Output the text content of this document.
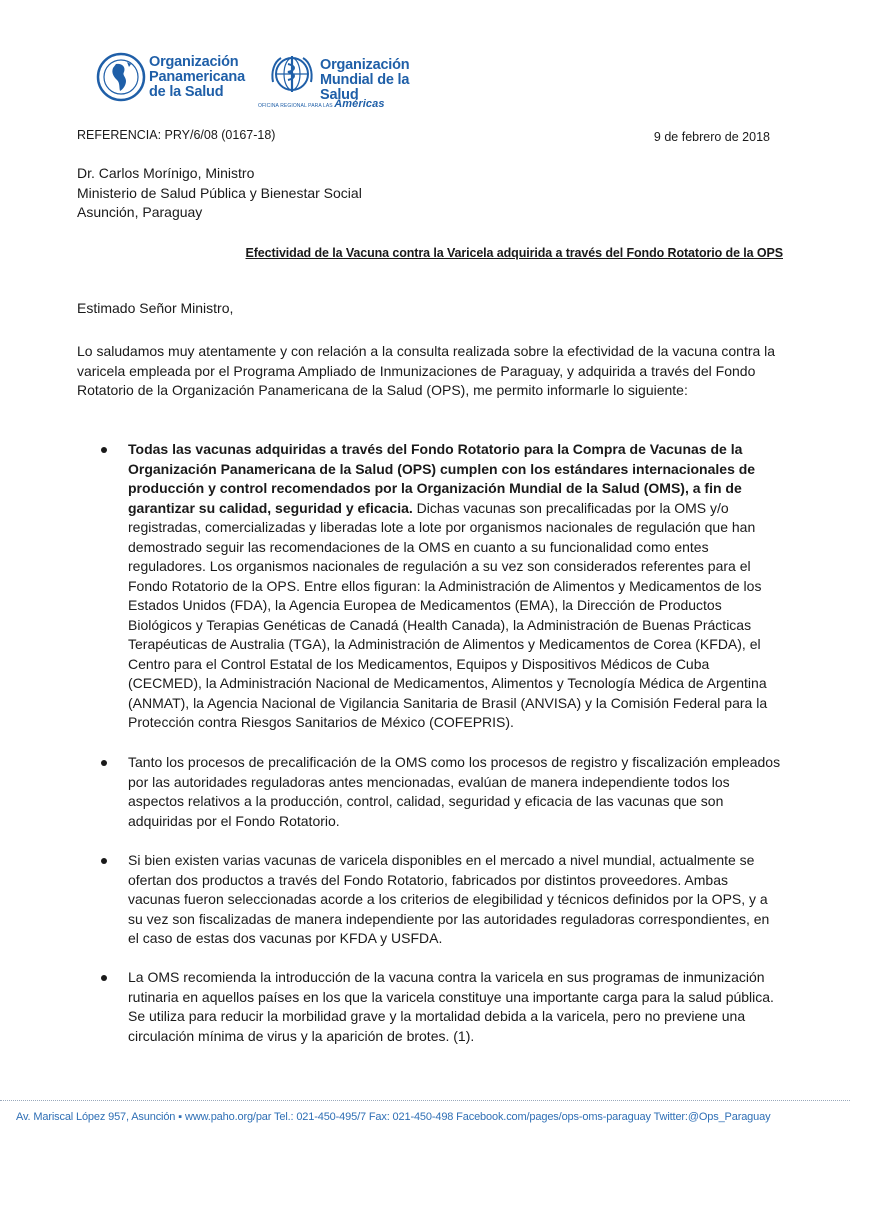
Organización
Panamericana
de la Salud
Organización
Mundial de la Salud
OFICINA REGIONAL PARA LAS Américas
REFERENCIA: PRY/6/08 (0167-18)	9 de febrero de 2018
Dr. Carlos Morínigo, Ministro
Ministerio de Salud Pública y Bienestar Social
Asunción, Paraguay
Efectividad de la Vacuna contra la Varicela adquirida a través del Fondo Rotatorio de la OPS
Estimado Señor Ministro,
Lo saludamos muy atentamente y con relación a la consulta realizada sobre la efectividad de la vacuna contra la varicela empleada por el Programa Ampliado de Inmunizaciones de Paraguay, y adquirida a través del Fondo Rotatorio de la Organización Panamericana de la Salud (OPS), me permito informarle lo siguiente:
Todas las vacunas adquiridas a través del Fondo Rotatorio para la Compra de Vacunas de la Organización Panamericana de la Salud (OPS) cumplen con los estándares internacionales de producción y control recomendados por la Organización Mundial de la Salud (OMS), a fin de garantizar su calidad, seguridad y eficacia. Dichas vacunas son precalificadas por la OMS y/o registradas, comercializadas y liberadas lote a lote por organismos nacionales de regulación que han demostrado seguir las recomendaciones de la OMS en cuanto a su funcionalidad como entes reguladores. Los organismos nacionales de regulación a su vez son considerados referentes para el Fondo Rotatorio de la OPS. Entre ellos figuran: la Administración de Alimentos y Medicamentos de los Estados Unidos (FDA), la Agencia Europea de Medicamentos (EMA), la Dirección de Productos Biológicos y Terapias Genéticas de Canadá (Health Canada), la Administración de Buenas Prácticas Terapéuticas de Australia (TGA), la Administración de Alimentos y Medicamentos de Corea (KFDA), el Centro para el Control Estatal de los Medicamentos, Equipos y Dispositivos Médicos de Cuba (CECMED), la Administración Nacional de Medicamentos, Alimentos y Tecnología Médica de Argentina (ANMAT), la Agencia Nacional de Vigilancia Sanitaria de Brasil (ANVISA) y la Comisión Federal para la Protección contra Riesgos Sanitarios de México (COFEPRIS).
Tanto los procesos de precalificación de la OMS como los procesos de registro y fiscalización empleados por las autoridades reguladoras antes mencionadas, evalúan de manera independiente todos los aspectos relativos a la producción, control, calidad, seguridad y eficacia de las vacunas que son adquiridas por el Fondo Rotatorio.
Si bien existen varias vacunas de varicela disponibles en el mercado a nivel mundial, actualmente se ofertan dos productos a través del Fondo Rotatorio, fabricados por distintos proveedores. Ambas vacunas fueron seleccionadas acorde a los criterios de elegibilidad y técnicos definidos por la OPS, y a su vez son fiscalizadas de manera independiente por las autoridades reguladoras correspondientes, en el caso de estas dos vacunas por KFDA y USFDA.
La OMS recomienda la introducción de la vacuna contra la varicela en sus programas de inmunización rutinaria en aquellos países en los que la varicela constituye una importante carga para la salud pública. Se utiliza para reducir la morbilidad grave y la mortalidad debida a la varicela, pero no previene una circulación mínima de virus y la aparición de brotes. (1).
Av. Mariscal López 957, Asunción ▪ www.paho.org/par Tel.: 021-450-495/7 Fax: 021-450-498 Facebook.com/pages/ops-oms-paraguay Twitter:@Ops_Paraguay
